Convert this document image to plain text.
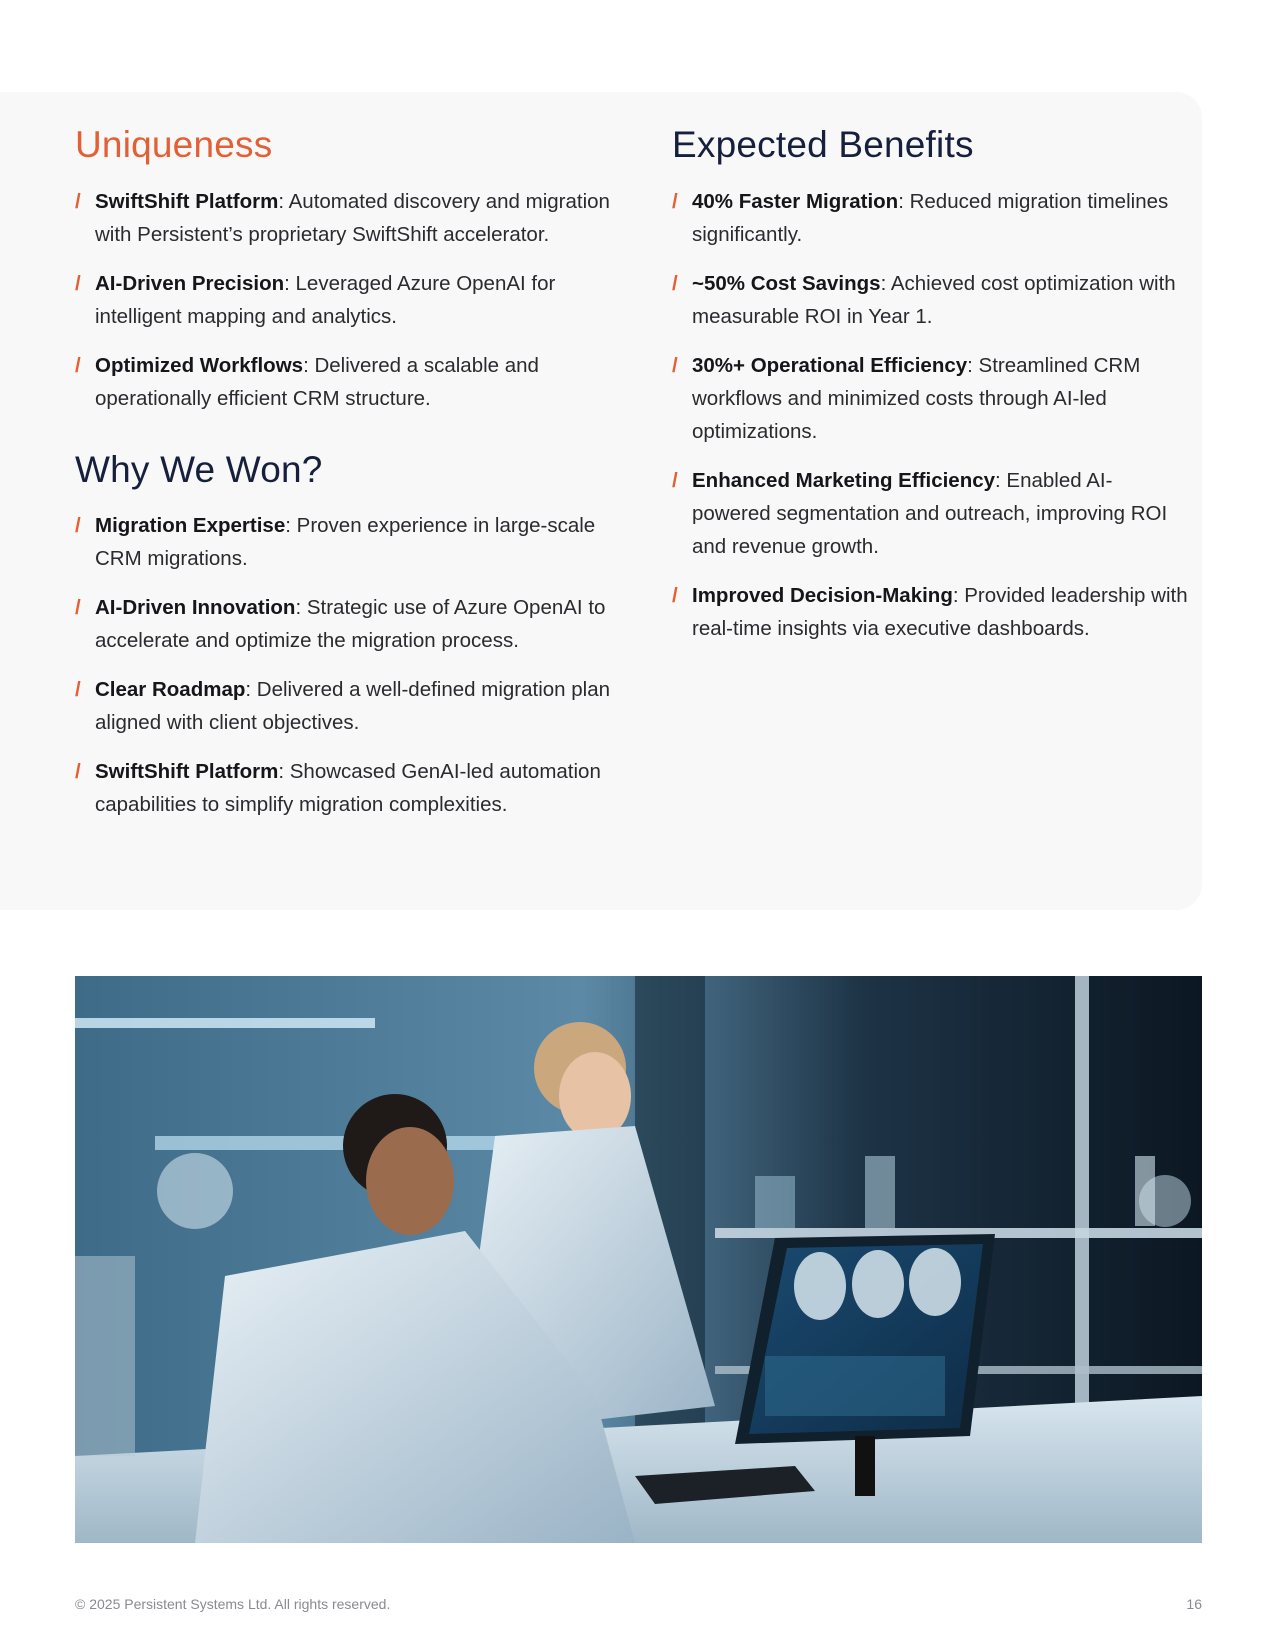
Uniqueness
/ SwiftShift Platform: Automated discovery and migration with Persistent’s proprietary SwiftShift accelerator.
/ AI-Driven Precision: Leveraged Azure OpenAI for intelligent mapping and analytics.
/ Optimized Workflows: Delivered a scalable and operationally efficient CRM structure.
Why We Won?
/ Migration Expertise: Proven experience in large-scale CRM migrations.
/ AI-Driven Innovation: Strategic use of Azure OpenAI to accelerate and optimize the migration process.
/ Clear Roadmap: Delivered a well-defined migration plan aligned with client objectives.
/ SwiftShift Platform: Showcased GenAI-led automation capabilities to simplify migration complexities.
Expected Benefits
/ 40% Faster Migration: Reduced migration timelines significantly.
/ ~50% Cost Savings: Achieved cost optimization with measurable ROI in Year 1.
/ 30%+ Operational Efficiency: Streamlined CRM workflows and minimized costs through AI-led optimizations.
/ Enhanced Marketing Efficiency: Enabled AI-powered segmentation and outreach, improving ROI and revenue growth.
/ Improved Decision-Making: Provided leadership with real-time insights via executive dashboards.
© 2025 Persistent Systems Ltd. All rights reserved.	16
